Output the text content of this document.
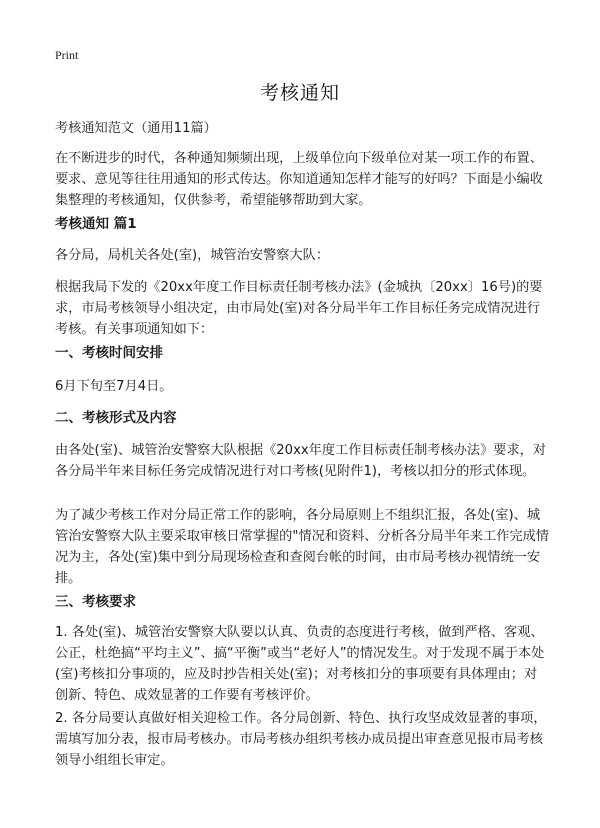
Print
考核通知
考核通知范文（通用11篇）
在不断进步的时代，各种通知频频出现，上级单位向下级单位对某一项工作的布置、要求、意见等往往用通知的形式传达。你知道通知怎样才能写的好吗？下面是小编收集整理的考核通知，仅供参考，希望能够帮助到大家。
考核通知 篇1
各分局，局机关各处(室)，城管治安警察大队：
根据我局下发的《20xx年度工作目标责任制考核办法》(金城执〔20xx〕16号)的要求，市局考核领导小组决定，由市局处(室)对各分局半年工作目标任务完成情况进行考核。有关事项通知如下：
一、考核时间安排
6月下旬至7月4日。
二、考核形式及内容
由各处(室)、城管治安警察大队根据《20xx年度工作目标责任制考核办法》要求，对各分局半年来目标任务完成情况进行对口考核(见附件1)，考核以扣分的形式体现。
为了减少考核工作对分局正常工作的影响，各分局原则上不组织汇报，各处(室)、城管治安警察大队主要采取审核日常掌握的"情况和资料、分析各分局半年来工作完成情况为主，各处(室)集中到分局现场检查和查阅台帐的时间，由市局考核办视情统一安排。
三、考核要求
1. 各处(室)、城管治安警察大队要以认真、负责的态度进行考核，做到严格、客观、公正，杜绝搞“平均主义”、搞“平衡”或当“老好人”的情况发生。对于发现不属于本处(室)考核扣分事项的，应及时抄告相关处(室)；对考核扣分的事项要有具体理由；对创新、特色、成效显著的工作要有考核评价。
2. 各分局要认真做好相关迎检工作。各分局创新、特色、执行攻坚成效显著的事项，需填写加分表，报市局考核办。市局考核办组织考核办成员提出审查意见报市局考核领导小组组长审定。
